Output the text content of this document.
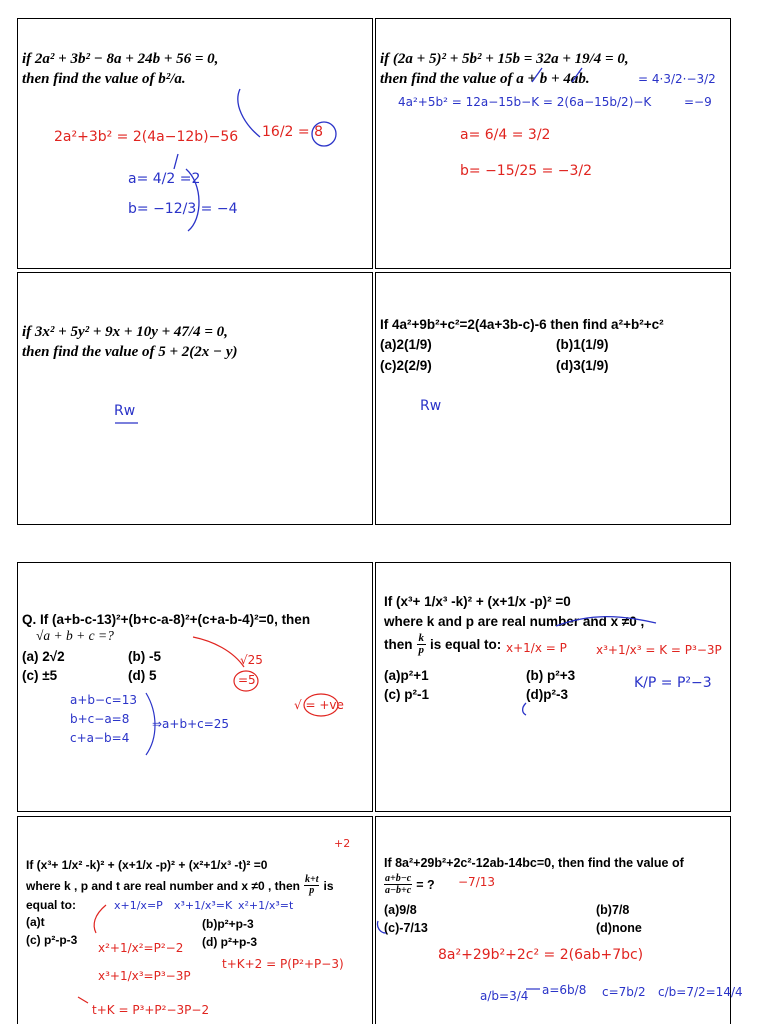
if 2a² + 3b² − 8a + 24b + 56 = 0,

then find the value of b²/a.

2a²+3b² = 2(4a−12b)−56 16/2 = 8
a= 4/2 =2
b= −12/3 = −4

if (2a + 5)² + 5b² + 15b = 32a + 19/4 = 0,

then find the value of a + b + 4ab.	= 4·3/2·−3/2
=−9
4a²+5b² = 12a−15b−K = 2(6a−15b/2)−K
a= 6/4 = 3/2
b= −15/25 = −3/2

if 3x² + 5y² + 9x + 10y + 47/4 = 0,

then find the value of 5 + 2(2x − y)

Rw

If 4a²+9b²+c²=2(4a+3b-c)-6 then find a²+b²+c²

(a)2(1/9)	(b)1(1/9)
(c)2(2/9)	(d)3(1/9)
Rw

Q. If (a+b-c-13)²+(b+c-a-8)²+(c+a-b-4)²=0, then

√a + b + c =?

(a) 2√2	(b) -5
(c) ±5	(d) 5
√25
=5
a+b−c=13
b+c−a=8
c+a−b=4
⇒a+b+c=25
√ = +ve

If (x³+ 1/x³ -k)² + (x+1/x -p)² =0

where k and p are real number and x ≠0 ,

then $\frac{k}{p}$ is equal to:
(a)p²+1	(b) p²+3
(c) p²-1	(d)p²-3
x+1/x = P x³+1/x³ = K = P³−3P
K/P = P²−3

If (x³+ 1/x² -k)² + (x+1/x -p)² + (x²+1/x³ -t)² =0

where k , p and t are real number and x ≠0 , then $\frac{k+t}{p}$ is

equal to:

(a)t	(b)p²+p-3
(c) p²-p-3	(d) p²+p-3
+2
x+1/x=P x³+1/x³=K x²+1/x³=t
x²+1/x²=P²−2
x³+1/x³=P³−3P
t+K+2 = P(P²+P−3)
t+K = P³+P²−3P−2

If 8a²+29b²+2c²-12ab-14bc=0, then find the value of

$\frac{a+b-c}{a-b+c}$ = ?
(a)9/8	(b)7/8
(c)-7/13	(d)none
−7/13
8a²+29b²+2c² = 2(6ab+7bc)
a=6b/8 c=7b/2
a/b=3/4	c/b=7/2=14/4
